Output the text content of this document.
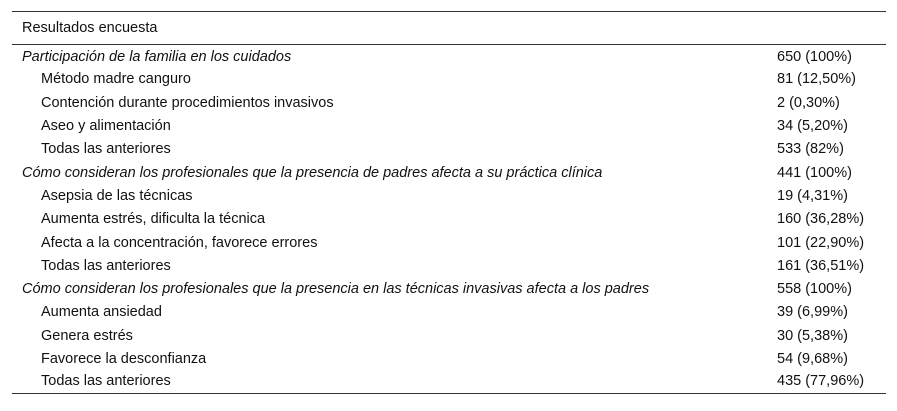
Resultados encuesta	
Participación de la familia en los cuidados	650 (100%)
Método madre canguro	81 (12,50%)
Contención durante procedimientos invasivos	2 (0,30%)
Aseo y alimentación	34 (5,20%)
Todas las anteriores	533 (82%)
Cómo consideran los profesionales que la presencia de padres afecta a su práctica clínica	441 (100%)
Asepsia de las técnicas	19 (4,31%)
Aumenta estrés, dificulta la técnica	160 (36,28%)
Afecta a la concentración, favorece errores	101 (22,90%)
Todas las anteriores	161 (36,51%)
Cómo consideran los profesionales que la presencia en las técnicas invasivas afecta a los padres	558 (100%)
Aumenta ansiedad	39 (6,99%)
Genera estrés	30 (5,38%)
Favorece la desconfianza	54 (9,68%)
Todas las anteriores	435 (77,96%)
